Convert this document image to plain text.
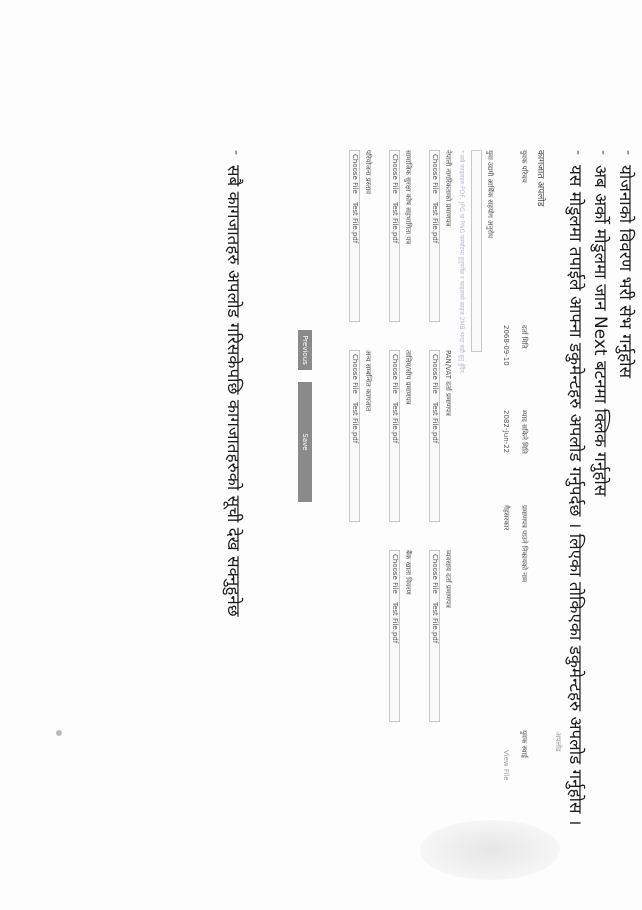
-
योजनाको विवरण भरी सेभ गर्नुहोस
-
अब अर्को मोडुलमा जान Next बटनमा क्लिक गर्नुहोस
-
यस मोडुलमा तपाईले आफ्ना डकुमेन्टहरु अपलोड गर्नुपर्दछ । लिएका तोकिएका डकुमेन्टहरु अपलोड गर्नुहोस ।
कागजात अपलोड
अपलोड
युवक परिचय
दर्ता मिति
म्याद सकिने मिति
प्रमाणपत्र पाउने निकायको नाम
युवक स्थाई
2068-09-10
2082-Jun-22
गैहसरकार
View File
युवा उद्यमी आर्थिक सहयोग अनुरोध
* सबै फाइलहरु PDF, JPG वा PNG फर्म्याटमा हुनुपर्नेछ र फाइलको साइज 2MB भन्दा बढी हुनु हुँदैन
नेपाली नागरिकताको प्रमाणपत्र
Choose File
Test File.pdf
सामाजिक सुरक्षा कोष सहभागिता पत्र
Choose File
Test File.pdf
परियोजना प्रस्ताव
Choose File
Test File.pdf
PAN/VAT दर्ता प्रमाणपत्र
Choose File
Test File.pdf
तालिम/सीप प्रमाणपत्र
Choose File
Test File.pdf
अन्य सम्बन्धित कागजात
Choose File
Test File.pdf
व्यवसाय दर्ता प्रमाणपत्र
Choose File
Test File.pdf
बैंक खाता विवरण
Choose File
Test File.pdf
Previous
Save
-
सबै कागजातहरु अपलोड गरिसकेपछि कागजातहरुको सूची देख सक्नुहुनेछ
